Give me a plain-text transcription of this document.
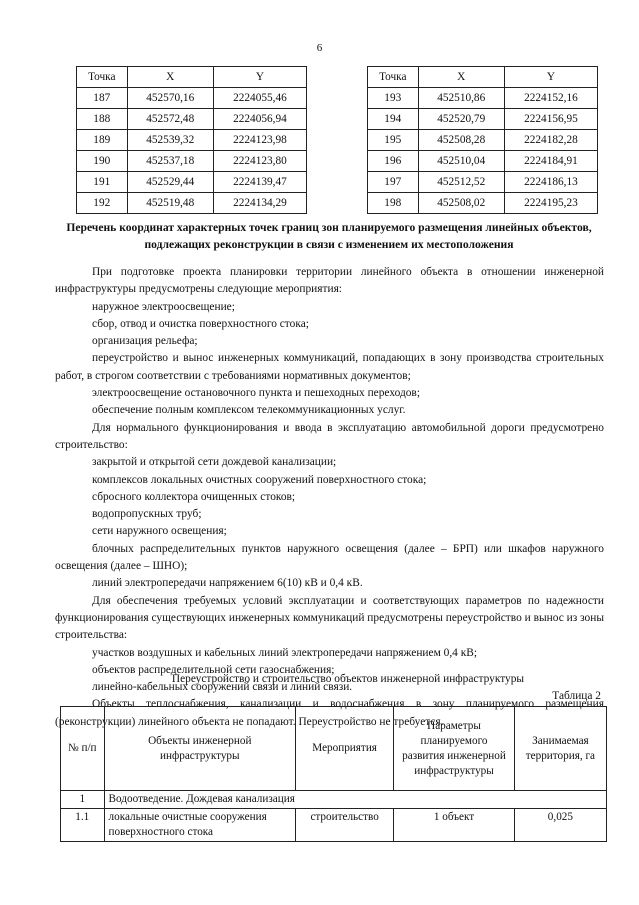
6
Точка	X	Y
187	452570,16	2224055,46
188	452572,48	2224056,94
189	452539,32	2224123,98
190	452537,18	2224123,80
191	452529,44	2224139,47
192	452519,48	2224134,29
Точка	X	Y
193	452510,86	2224152,16
194	452520,79	2224156,95
195	452508,28	2224182,28
196	452510,04	2224184,91
197	452512,52	2224186,13
198	452508,02	2224195,23
Перечень координат характерных точек границ зон планируемого размещения линейных объектов, подлежащих реконструкции в связи с изменением их местоположения

При подготовке проекта планировки территории линейного объекта в отношении инженерной инфраструктуры предусмотрены следующие мероприятия:

наружное электроосвещение;

сбор, отвод и очистка поверхностного стока;

организация рельефа;

переустройство и вынос инженерных коммуникаций, попадающих в зону производства строительных работ, в строгом соответствии с требованиями нормативных документов;

электроосвещение остановочного пункта и пешеходных переходов;

обеспечение полным комплексом телекоммуникационных услуг.

Для нормального функционирования и ввода в эксплуатацию автомобильной дороги предусмотрено строительство:

закрытой и открытой сети дождевой канализации;

комплексов локальных очистных сооружений поверхностного стока;

сбросного коллектора очищенных стоков;

водопропускных труб;

сети наружного освещения;

блочных распределительных пунктов наружного освещения (далее – БРП) или шкафов наружного освещения (далее – ШНО);

линий электропередачи напряжением 6(10) кВ и 0,4 кВ.

Для обеспечения требуемых условий эксплуатации и соответствующих параметров по надежности функционирования существующих инженерных коммуникаций предусмотрены переустройство и вынос из зоны строительства:

участков воздушных и кабельных линий электропередачи напряжением 0,4 кВ;

объектов распределительной сети газоснабжения;

линейно-кабельных сооружений связи и линий связи.

Объекты теплоснабжения, канализации и водоснабжения в зону планируемого размещения (реконструкции) линейного объекта не попадают. Переустройство не требуется.

Переустройство и строительство объектов инженерной инфраструктуры
Таблица 2
№ п/п	Объекты инженерной инфраструктуры	Мероприятия	Параметры планируемого развития инженерной инфраструктуры	Занимаемая территория, га
1	Водоотведение. Дождевая канализация			
1.1	локальные очистные сооружения поверхностного стока	строительство	1 объект	0,025
